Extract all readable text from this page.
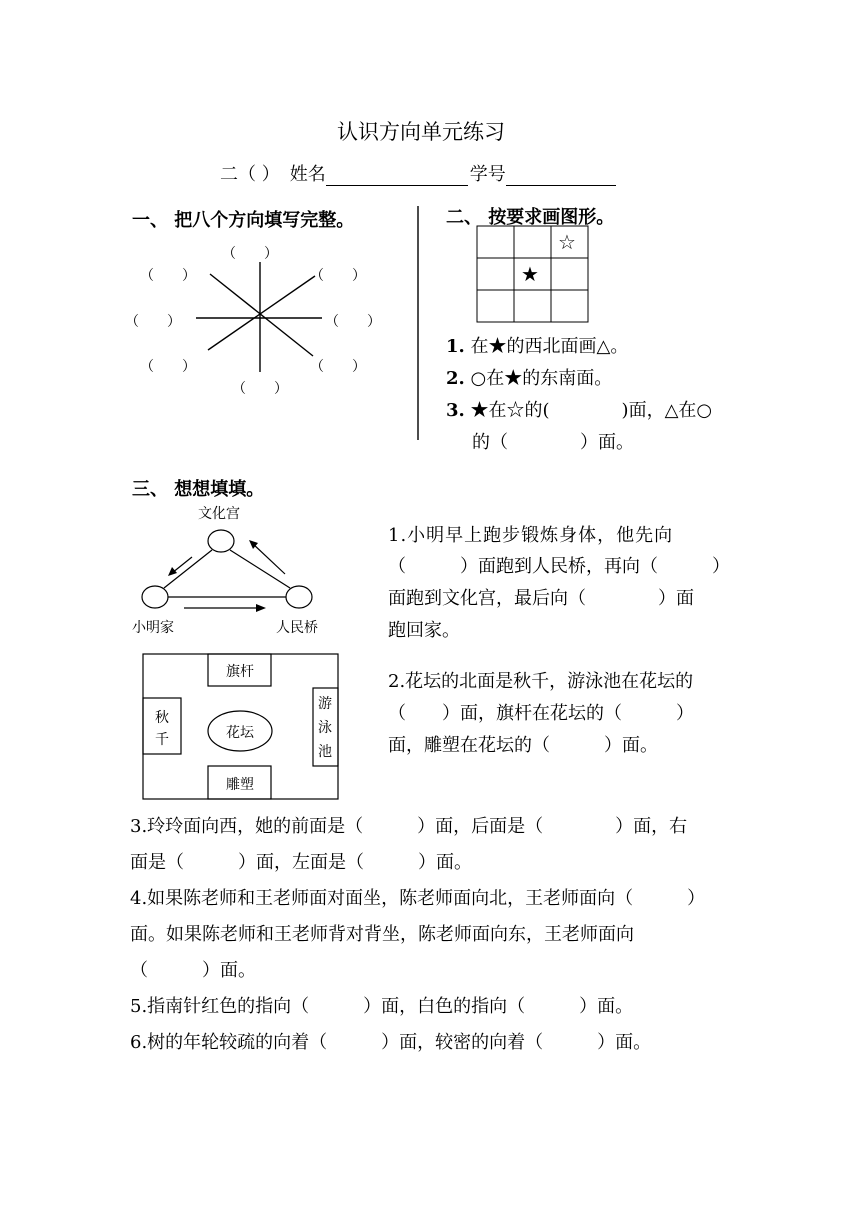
认识方向单元练习
二（ ） 姓名	学号
一、 把八个方向填写完整。
（　　）
（　　）	（　　）
（　　）	（　　）
（　　）	（　　）
（　　）
二、 按要求画图形。
☆
★
1. 在★的西北面画△。
2. ○在★的东南面。
3. ★在☆的(　　　　)面，△在○
的（　　　　）面。
三、 想想填填。
文化宫
小明家	人民桥
1.小明早上跑步锻炼身体，他先向
（　　　）面跑到人民桥，再向（　　　）
面跑到文化宫，最后向（　　　　）面
跑回家。
旗杆
秋千
游泳池
花坛
雕塑
2.花坛的北面是秋千，游泳池在花坛的
（　　）面，旗杆在花坛的（　　　）
面，雕塑在花坛的（　　　）面。
3.玲玲面向西，她的前面是（　　　）面，后面是（　　　　）面，右
面是（　　　）面，左面是（　　　）面。
4.如果陈老师和王老师面对面坐，陈老师面向北，王老师面向（　　　）
面。如果陈老师和王老师背对背坐，陈老师面向东，王老师面向
（　　　）面。
5.指南针红色的指向（　　　）面，白色的指向（　　　）面。
6.树的年轮较疏的向着（　　　）面，较密的向着（　　　）面。
